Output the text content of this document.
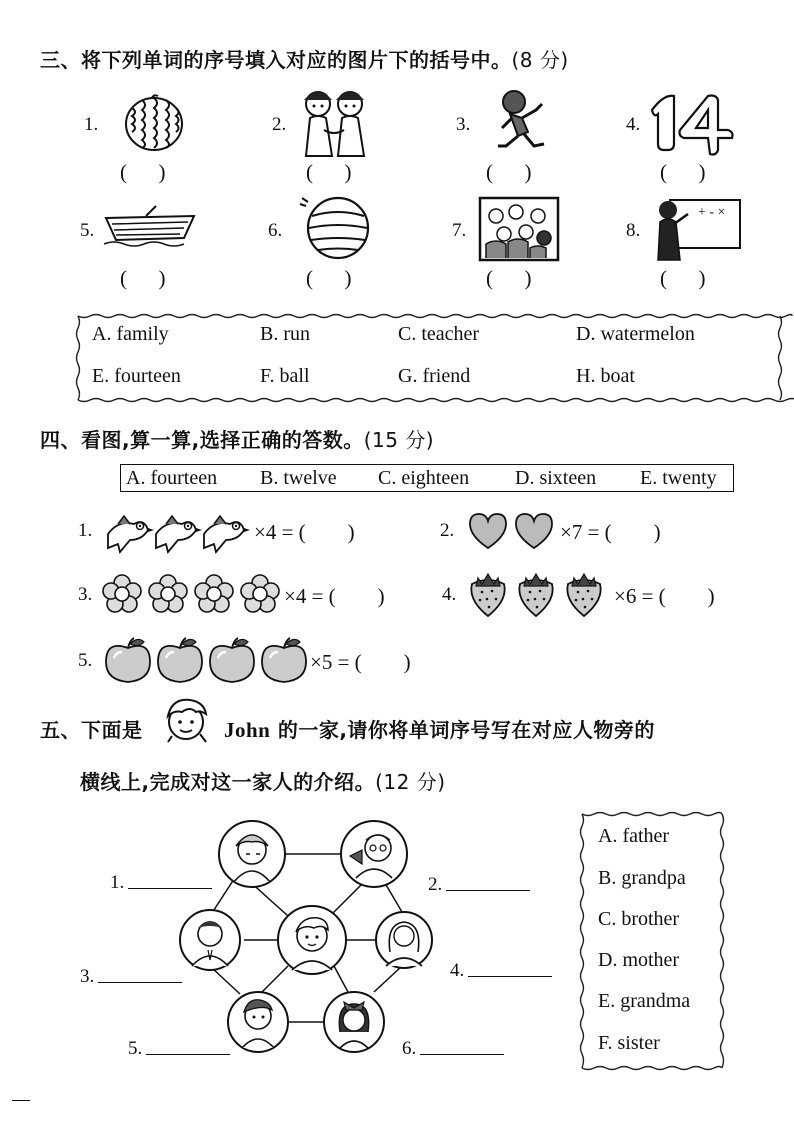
三、将下列单词的序号填入对应的图片下的括号中。(8 分)
1.	2.	3.	4.
(      )	(      )	(      )	(      )
5.	6.	7.	8.
+ - ×
(      )	(      )	(      )	(      )
A. family	B. run	C. teacher	D. watermelon
E. fourteen	F. ball	G. friend	H. boat
四、看图,算一算,选择正确的答数。(15 分)
A. fourteen B. twelve C. eighteen D. sixteen E. twenty
1.	×4 = (        )	2.	×7 = (        )
3.	×4 = (        )	4.	×6 = (        )
5.	×5 = (        )
五、下面是	John 的一家,请你将单词序号写在对应人物旁的
横线上,完成对这一家人的介绍。(12 分)
1.	2.
3.	4.
5.	6.
A. father
B. grandpa
C. brother
D. mother
E. grandma
F. sister
